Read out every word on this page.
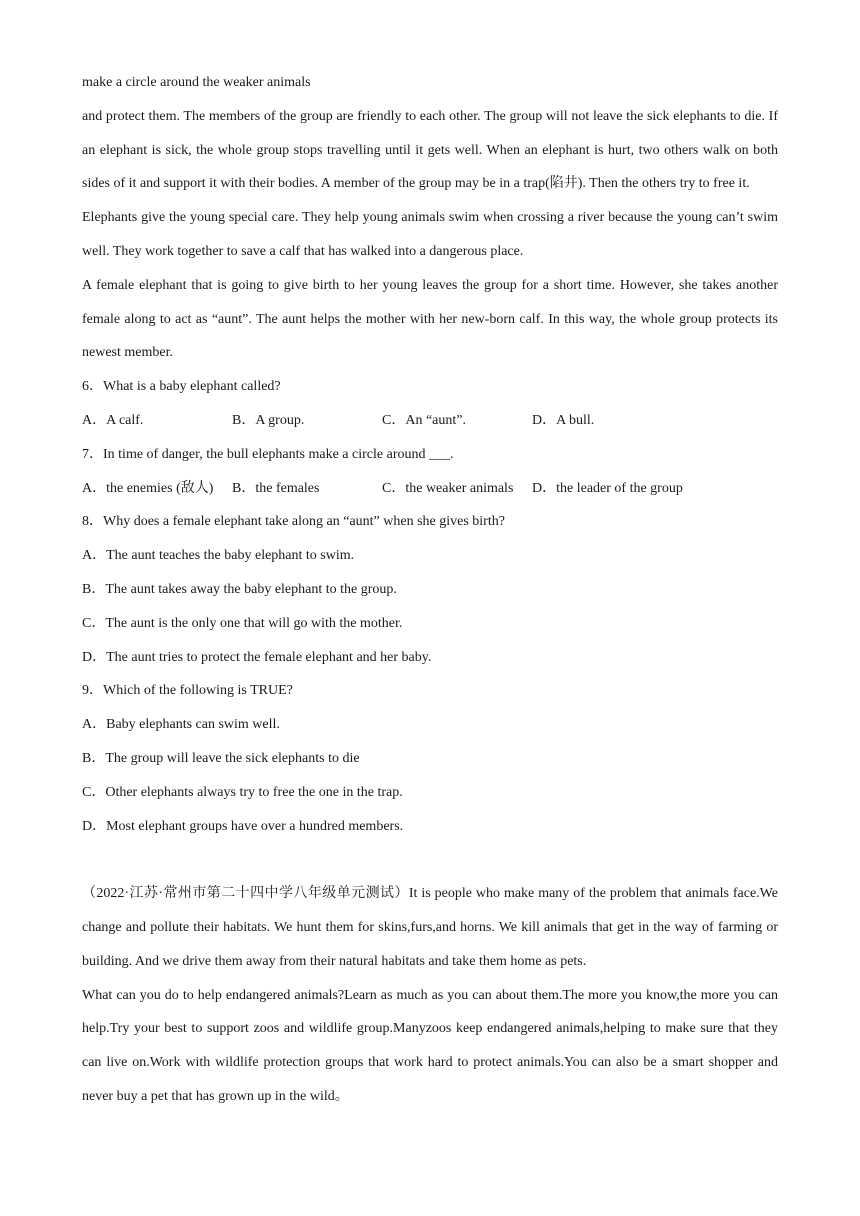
make a circle around the weaker animals

and protect them. The members of the group are friendly to each other. The group will not leave the sick elephants to die. If an elephant is sick, the whole group stops travelling until it gets well. When an elephant is hurt, two others walk on both sides of it and support it with their bodies. A member of the group may be in a trap(陷井). Then the others try to free it.

Elephants give the young special care. They help young animals swim when crossing a river because the young can’t swim well. They work together to save a calf that has walked into a dangerous place.

A female elephant that is going to give birth to her young leaves the group for a short time. However, she takes another female along to act as “aunt”. The aunt helps the mother with her new-born calf. In this way, the whole group protects its newest member.

6．What is a baby elephant called?

A．A calf.	B．A group.	C．An “aunt”.	D．A bull.

7．In time of danger, the bull elephants make a circle around ___.

A．the enemies (敌人)	B．the females	C．the weaker animals	D．the leader of the group

8．Why does a female elephant take along an “aunt” when she gives birth?

A．The aunt teaches the baby elephant to swim.

B．The aunt takes away the baby elephant to the group.

C．The aunt is the only one that will go with the mother.

D．The aunt tries to protect the female elephant and her baby.

9．Which of the following is TRUE?

A．Baby elephants can swim well.

B．The group will leave the sick elephants to die

C．Other elephants always try to free the one in the trap.

D．Most elephant groups have over a hundred members.

（2022·江苏·常州市第二十四中学八年级单元测试）It is people who make many of the problem that animals face.We change and pollute their habitats. We hunt them for skins,furs,and horns. We kill animals that get in the way of farming or building. And we drive them away from their natural habitats and take them home as pets.

What can you do to help endangered animals?Learn as much as you can about them.The more you know,the more you can help.Try your best to support zoos and wildlife group.Manyzoos keep endangered animals,helping to make sure that they can live on.Work with wildlife protection groups that work hard to protect animals.You can also be a smart shopper and never buy a pet that has grown up in the wild。
